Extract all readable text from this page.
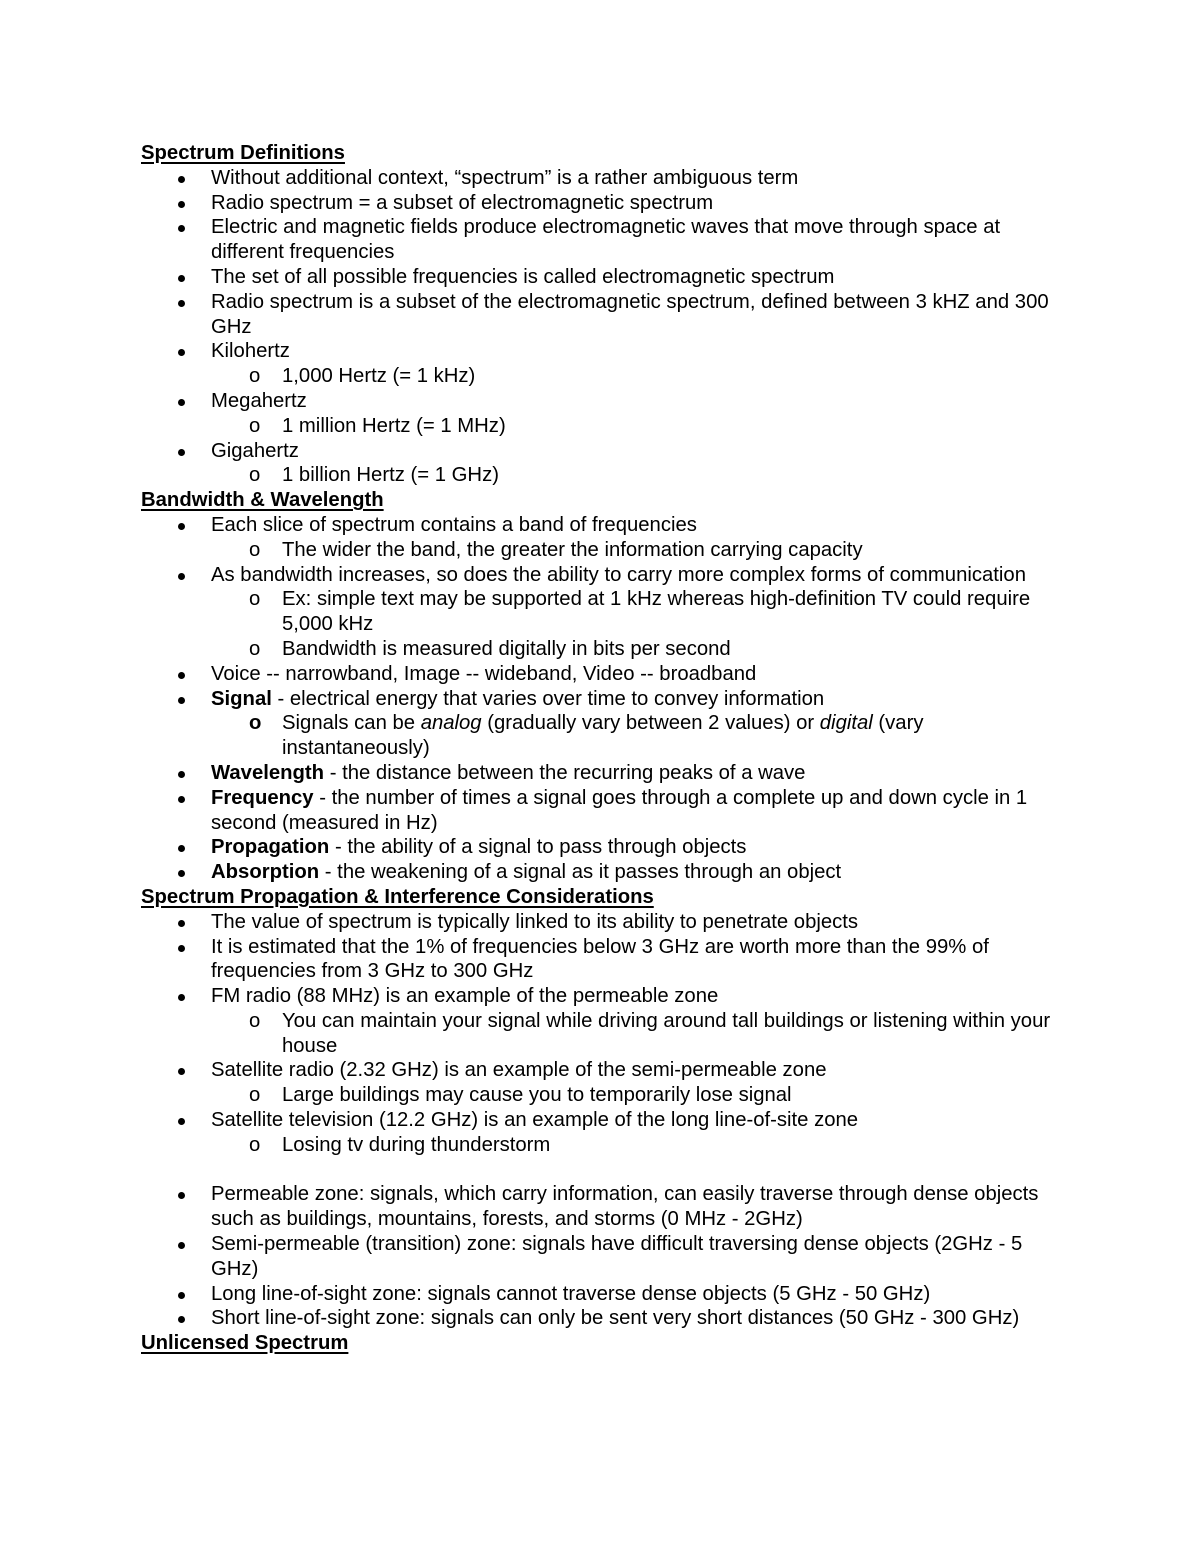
Spectrum Definitions
Without additional context, “spectrum” is a rather ambiguous term
Radio spectrum = a subset of electromagnetic spectrum
Electric and magnetic fields produce electromagnetic waves that move through space at different frequencies
The set of all possible frequencies is called electromagnetic spectrum
Radio spectrum is a subset of the electromagnetic spectrum, defined between 3 kHZ and 300 GHz
Kilohertz
o 1,000 Hertz (= 1 kHz)
Megahertz
o 1 million Hertz (= 1 MHz)
Gigahertz
o 1 billion Hertz (= 1 GHz)
Bandwidth & Wavelength
Each slice of spectrum contains a band of frequencies
o The wider the band, the greater the information carrying capacity
As bandwidth increases, so does the ability to carry more complex forms of communication
o Ex: simple text may be supported at 1 kHz whereas high-definition TV could require 5,000 kHz
o Bandwidth is measured digitally in bits per second
Voice -- narrowband, Image -- wideband, Video -- broadband
Signal - electrical energy that varies over time to convey information
o Signals can be analog (gradually vary between 2 values) or digital (vary instantaneously)
Wavelength - the distance between the recurring peaks of a wave
Frequency - the number of times a signal goes through a complete up and down cycle in 1 second (measured in Hz)
Propagation - the ability of a signal to pass through objects
Absorption - the weakening of a signal as it passes through an object
Spectrum Propagation & Interference Considerations
The value of spectrum is typically linked to its ability to penetrate objects
It is estimated that the 1% of frequencies below 3 GHz are worth more than the 99% of frequencies from 3 GHz to 300 GHz
FM radio (88 MHz) is an example of the permeable zone
o You can maintain your signal while driving around tall buildings or listening within your house
Satellite radio (2.32 GHz) is an example of the semi-permeable zone
o Large buildings may cause you to temporarily lose signal
Satellite television (12.2 GHz) is an example of the long line-of-site zone
o Losing tv during thunderstorm
Permeable zone: signals, which carry information, can easily traverse through dense objects such as buildings, mountains, forests, and storms (0 MHz - 2GHz)
Semi-permeable (transition) zone: signals have difficult traversing dense objects (2GHz - 5 GHz)
Long line-of-sight zone: signals cannot traverse dense objects (5 GHz - 50 GHz)
Short line-of-sight zone: signals can only be sent very short distances (50 GHz - 300 GHz)
Unlicensed Spectrum
